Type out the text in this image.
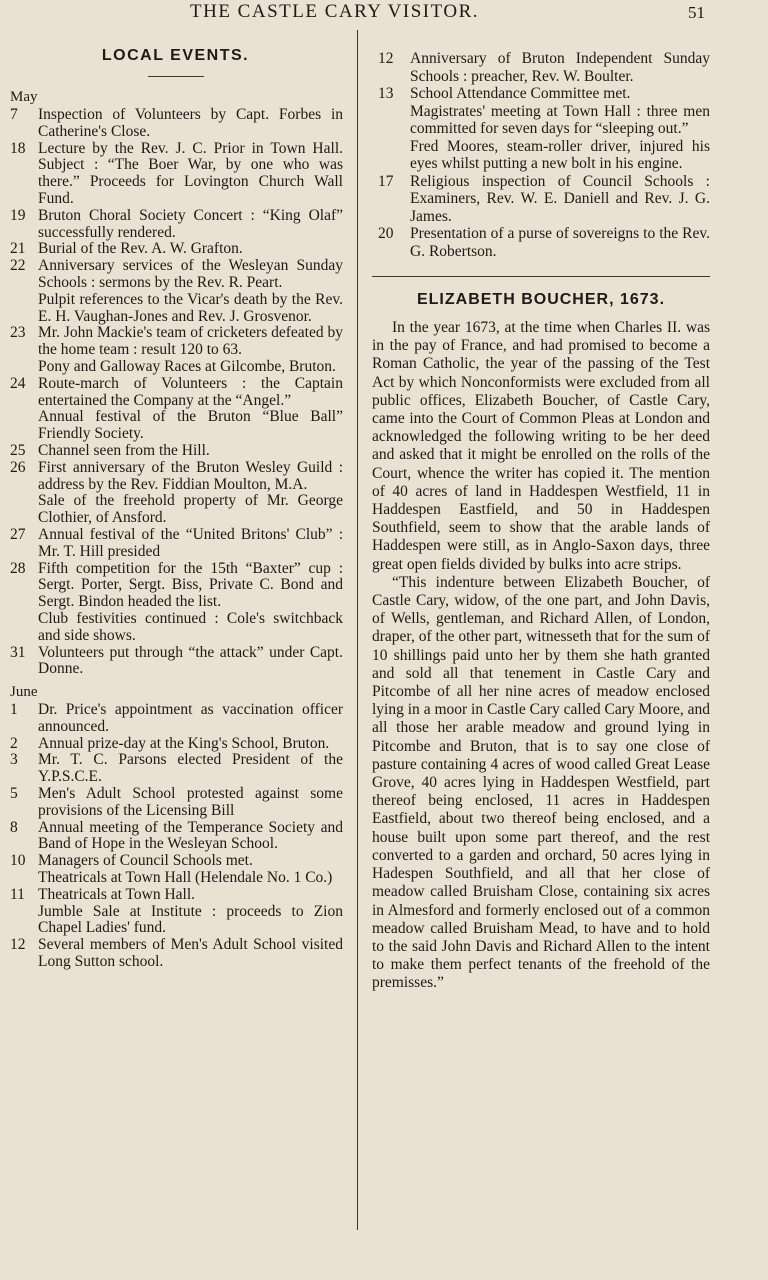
THE CASTLE CARY VISITOR.	51
LOCAL EVENTS.
May
7	Inspection of Volunteers by Capt. Forbes in Catherine's Close.

18 Lecture by the Rev. J. C. Prior in Town Hall. Subject : “The Boer War, by one who was there.” Proceeds for Lovington Church Wall Fund.

19 Bruton Choral Society Concert : “King Olaf” successfully rendered.

21 Burial of the Rev. A. W. Grafton.

22 Anniversary services of the Wesleyan Sunday Schools : sermons by the Rev. R. Peart.

Pulpit references to the Vicar's death by the Rev. E. H. Vaughan-Jones and Rev. J. Grosvenor.

23 Mr. John Mackie's team of cricketers defeated by the home team : result 120 to 63.

Pony and Galloway Races at Gilcombe, Bruton.

24 Route-march of Volunteers : the Captain entertained the Company at the “Angel.”

Annual festival of the Bruton “Blue Ball” Friendly Society.

25 Channel seen from the Hill.

26 First anniversary of the Bruton Wesley Guild : address by the Rev. Fiddian Moulton, M.A.

Sale of the freehold property of Mr. George Clothier, of Ansford.

27 Annual festival of the “United Britons' Club” : Mr. T. Hill presided

28 Fifth competition for the 15th “Baxter” cup : Sergt. Porter, Sergt. Biss, Private C. Bond and Sergt. Bindon headed the list.

Club festivities continued : Cole's switchback and side shows.

31 Volunteers put through “the attack” under Capt. Donne.

June
1	Dr. Price's appointment as vaccination officer announced.

2	Annual prize-day at the King's School, Bruton.

3	Mr. T. C. Parsons elected President of the Y.P.S.C.E.

5	Men's Adult School protested against some provisions of the Licensing Bill

8	Annual meeting of the Temperance Society and Band of Hope in the Wesleyan School.

10 Managers of Council Schools met.

Theatricals at Town Hall (Helendale No. 1 Co.)

11 Theatricals at Town Hall.

Jumble Sale at Institute : proceeds to Zion Chapel Ladies' fund.

12 Several members of Men's Adult School visited Long Sutton school.

12	Anniversary of Bruton Independent Sunday Schools : preacher, Rev. W. Boulter.

13	School Attendance Committee met.

Magistrates' meeting at Town Hall : three men committed for seven days for “sleeping out.”

Fred Moores, steam-roller driver, injured his eyes whilst putting a new bolt in his engine.

17	Religious inspection of Council Schools : Examiners, Rev. W. E. Daniell and Rev. J. G. James.

20	Presentation of a purse of sovereigns to the Rev. G. Robertson.

ELIZABETH BOUCHER, 1673.

In the year 1673, at the time when Charles II. was in the pay of France, and had promised to become a Roman Catholic, the year of the passing of the Test Act by which Nonconformists were excluded from all public offices, Elizabeth Boucher, of Castle Cary, came into the Court of Common Pleas at London and acknowledged the following writing to be her deed and asked that it might be enrolled on the rolls of the Court, whence the writer has copied it. The mention of 40 acres of land in Haddespen Westfield, 11 in Haddespen Eastfield, and 50 in Haddespen Southfield, seem to show that the arable lands of Haddespen were still, as in Anglo-Saxon days, three great open fields divided by bulks into acre strips.

“This indenture between Elizabeth Boucher, of Castle Cary, widow, of the one part, and John Davis, of Wells, gentleman, and Richard Allen, of London, draper, of the other part, witnesseth that for the sum of 10 shillings paid unto her by them she hath granted and sold all that tenement in Castle Cary and Pitcombe of all her nine acres of meadow enclosed lying in a moor in Castle Cary called Cary Moore, and all those her arable meadow and ground lying in Pitcombe and Bruton, that is to say one close of pasture containing 4 acres of wood called Great Lease Grove, 40 acres lying in Haddespen Westfield, part thereof being enclosed, 11 acres in Haddespen Eastfield, about two thereof being enclosed, and a house built upon some part thereof, and the rest converted to a garden and orchard, 50 acres lying in Hadespen Southfield, and all that her close of meadow called Bruisham Close, containing six acres in Almesford and formerly enclosed out of a common meadow called Bruisham Mead, to have and to hold to the said John Davis and Richard Allen to the intent to make them perfect tenants of the freehold of the premisses.”
